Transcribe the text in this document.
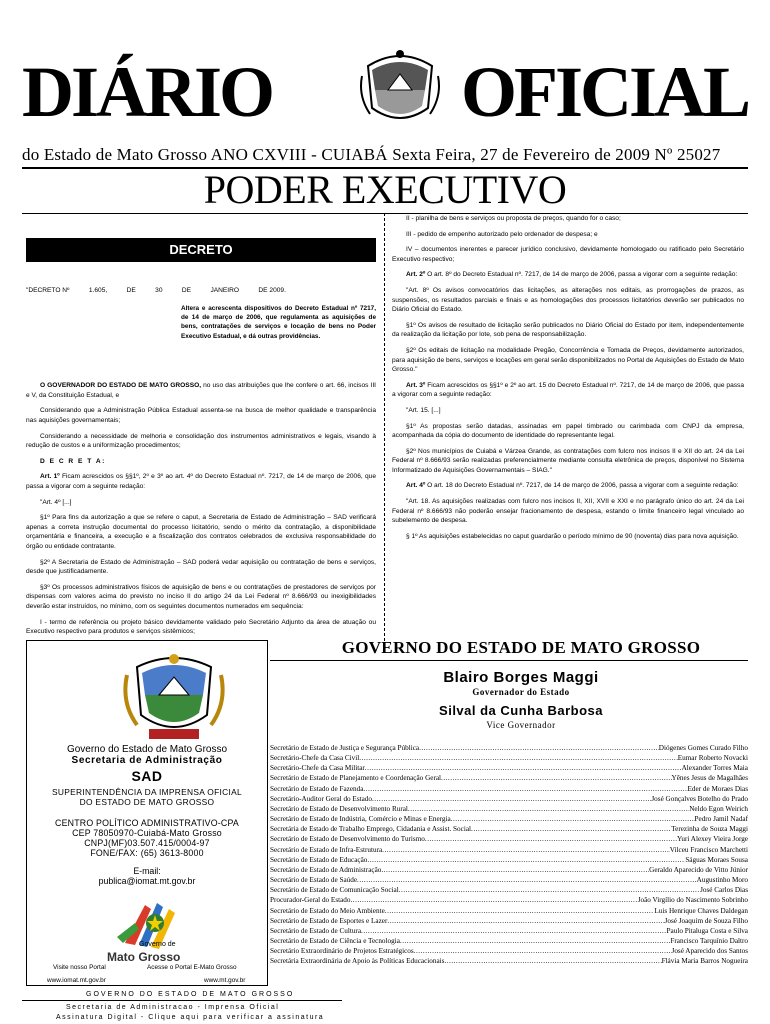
DIÁRIO	OFICIAL
do Estado de Mato Grosso ANO CXVIII - CUIABÁ Sexta Feira, 27 de Fevereiro de 2009 Nº 25027
PODER EXECUTIVO
DECRETO
"DECRETO Nº	1.605,	DE	30	DE	JANEIRO	DE 2009.
Altera e acrescenta dispositivos do Decreto Estadual nº 7217, de 14 de março de 2006, que regulamenta as aquisições de bens, contratações de serviços e locação de bens no Poder Executivo Estadual, e dá outras providências.

O GOVERNADOR DO ESTADO DE MATO GROSSO, no uso das atribuições que lhe confere o art. 66, incisos III e V, da Constituição Estadual, e

Considerando que a Administração Pública Estadual assenta-se na busca de melhor qualidade e transparência nas aquisições governamentais;

Considerando a necessidade de melhoria e consolidação dos instrumentos administrativos e legais, visando à redução de custos e a uniformização procedimentos;

D E C R E T A:

Art. 1º Ficam acrescidos os §§1º, 2º e 3º ao art. 4º do Decreto Estadual nº. 7217, de 14 de março de 2006, que passa a vigorar com a seguinte redação:

"Art. 4º [...]

§1º Para fins da autorização a que se refere o caput, a Secretaria de Estado de Administração – SAD verificará apenas a correta instrução documental do processo licitatório, sendo o mérito da contratação, a disponibilidade orçamentária e financeira, a execução e a fiscalização dos contratos celebrados de exclusiva responsabilidade do órgão ou entidade contratante.

§2º A Secretaria de Estado de Administração – SAD poderá vedar aquisição ou contratação de bens e serviços, desde que justificadamente.

§3º Os processos administrativos físicos de aquisição de bens e ou contratações de prestadores de serviços por dispensas com valores acima do previsto no inciso II do artigo 24 da Lei Federal nº 8.666/93 ou inexigibilidades deverão estar instruídos, no mínimo, com os seguintes documentos numerados em sequência:

I - termo de referência ou projeto básico devidamente validado pelo Secretário Adjunto da área de atuação ou Executivo respectivo para produtos e serviços sistêmicos;

II - planilha de bens e serviços ou proposta de preços, quando for o caso;

III - pedido de empenho autorizado pelo ordenador de despesa; e

IV – documentos inerentes e parecer jurídico conclusivo, devidamente homologado ou ratificado pelo Secretário Executivo respectivo;

Art. 2º O art. 8º do Decreto Estadual nº. 7217, de 14 de março de 2006, passa a vigorar com a seguinte redação:

"Art. 8º Os avisos convocatórios das licitações, as alterações nos editais, as prorrogações de prazos, as suspensões, os resultados parciais e finais e as homologações dos processos licitatórios deverão ser publicados no Diário Oficial do Estado.

§1º Os avisos de resultado de licitação serão publicados no Diário Oficial do Estado por item, independentemente da realização da licitação por lote, sob pena de responsabilização.

§2º Os editais de licitação na modalidade Pregão, Concorrência e Tomada de Preços, devidamente autorizados, para aquisição de bens, serviços e locações em geral serão disponibilizados no Portal de Aquisições do Estado de Mato Grosso."

Art. 3º Ficam acrescidos os §§1º e 2º ao art. 15 do Decreto Estadual nº. 7217, de 14 de março de 2006, que passa a vigorar com a seguinte redação:

"Art. 15. [...]

§1º As propostas serão datadas, assinadas em papel timbrado ou carimbada com CNPJ da empresa, acompanhada da cópia do documento de identidade do representante legal.

§2º Nos municípios de Cuiabá e Várzea Grande, as contratações com fulcro nos incisos II e XII do art. 24 da Lei Federal nº 8.666/93 serão realizadas preferencialmente mediante consulta eletrônica de preços, disponível no Sistema Informatizado de Aquisições Governamentais – SIAG."

Art. 4º O art. 18 do Decreto Estadual nº. 7217, de 14 de março de 2006, passa a vigorar com a seguinte redação:

"Art. 18. As aquisições realizadas com fulcro nos incisos II, XII, XVII e XXI e no parágrafo único do art. 24 da Lei Federal nº 8.666/93 não poderão ensejar fracionamento de despesa, estando o limite financeiro legal vinculado ao subelemento de despesa.

§ 1º As aquisições estabelecidas no caput guardarão o período mínimo de 90 (noventa) dias para nova aquisição.

Governo do Estado de Mato Grosso
Secretaria de Administração
SAD
SUPERINTENDÊNCIA DA IMPRENSA OFICIAL
DO ESTADO DE MATO GROSSO
CENTRO POLÍTICO ADMINISTRATIVO-CPA
CEP 78050970-Cuiabá-Mato Grosso
CNPJ(MF)03.507.415/0004-97
FONE/FAX: (65) 3613-8000
E-mail:
publica@iomat.mt.gov.br
Governo de
Mato Grosso
Visite nosso Portal	Acesse o Portal E-Mato Grosso
www.iomat.mt.gov.br	www.mt.gov.br
GOVERNO DO ESTADO DE MATO GROSSO
Blairo Borges Maggi
Governador do Estado
Silval da Cunha Barbosa
Vice Governador
Secretário de Estado de Justiça e Segurança Pública .....	Diógenes Gomes Curado Filho
Secretário-Chefe da Casa Civil .....	Eumar Roberto Novacki
Secretário-Chefe da Casa Militar .....	Alexander Torres Maia
Secretário de Estado de Planejamento e Coordenação Geral .....	Yênes Jesus de Magalhães
Secretário de Estado de Fazenda .....	Eder de Moraes Dias
Secretário-Auditor Geral do Estado .....	José Gonçalves Botelho do Prado
Secretário de Estado de Desenvolvimento Rural .....	Neldo Egon Weirich
Secretário de Estado de Indústria, Comércio e Minas e Energia .....	Pedro Jamil Nadaf
Secretária de Estado de Trabalho Emprego, Cidadania e Assist. Social .....	Terezinha de Souza Maggi
Secretário de Estado de Desenvolvimento do Turismo .....	Yuri Alexey Vieira Jorge
Secretário de Estado de Infra-Estrutura .....	Vilceu Francisco Marchetti
Secretário de Estado de Educação .....	Ságuas Moraes Sousa
Secretário de Estado de Administração .....	Geraldo Aparecido de Vitto Júnior
Secretário de Estado de Saúde .....	Augustinho Moro
Secretário de Estado de Comunicação Social .....	José Carlos Dias
Procurador-Geral do Estado .....	João Virgílio do Nascimento Sobrinho
Secretário de Estado do Meio Ambiente .....	Luis Henrique Chaves Daldegan
Secretário de Estado de Esportes e Lazer .....	José Joaquim de Souza Filho
Secretário de Estado de Cultura .....	Paulo Pitaluga Costa e Silva
Secretário de Estado de Ciência e Tecnologia .....	Francisco Tarquínio Daltro
Secretário Extraordinário de Projetos Estratégicos .....	José Aparecido dos Santos
Secretária Extraordinária de Apoio às Políticas Educacionais .....	Flávia Maria Barros Nogueira
GOVERNO DO ESTADO DE MATO GROSSO
Secretaria de Administracao - Imprensa Oficial
Assinatura Digital - Clique aqui para verificar a assinatura
